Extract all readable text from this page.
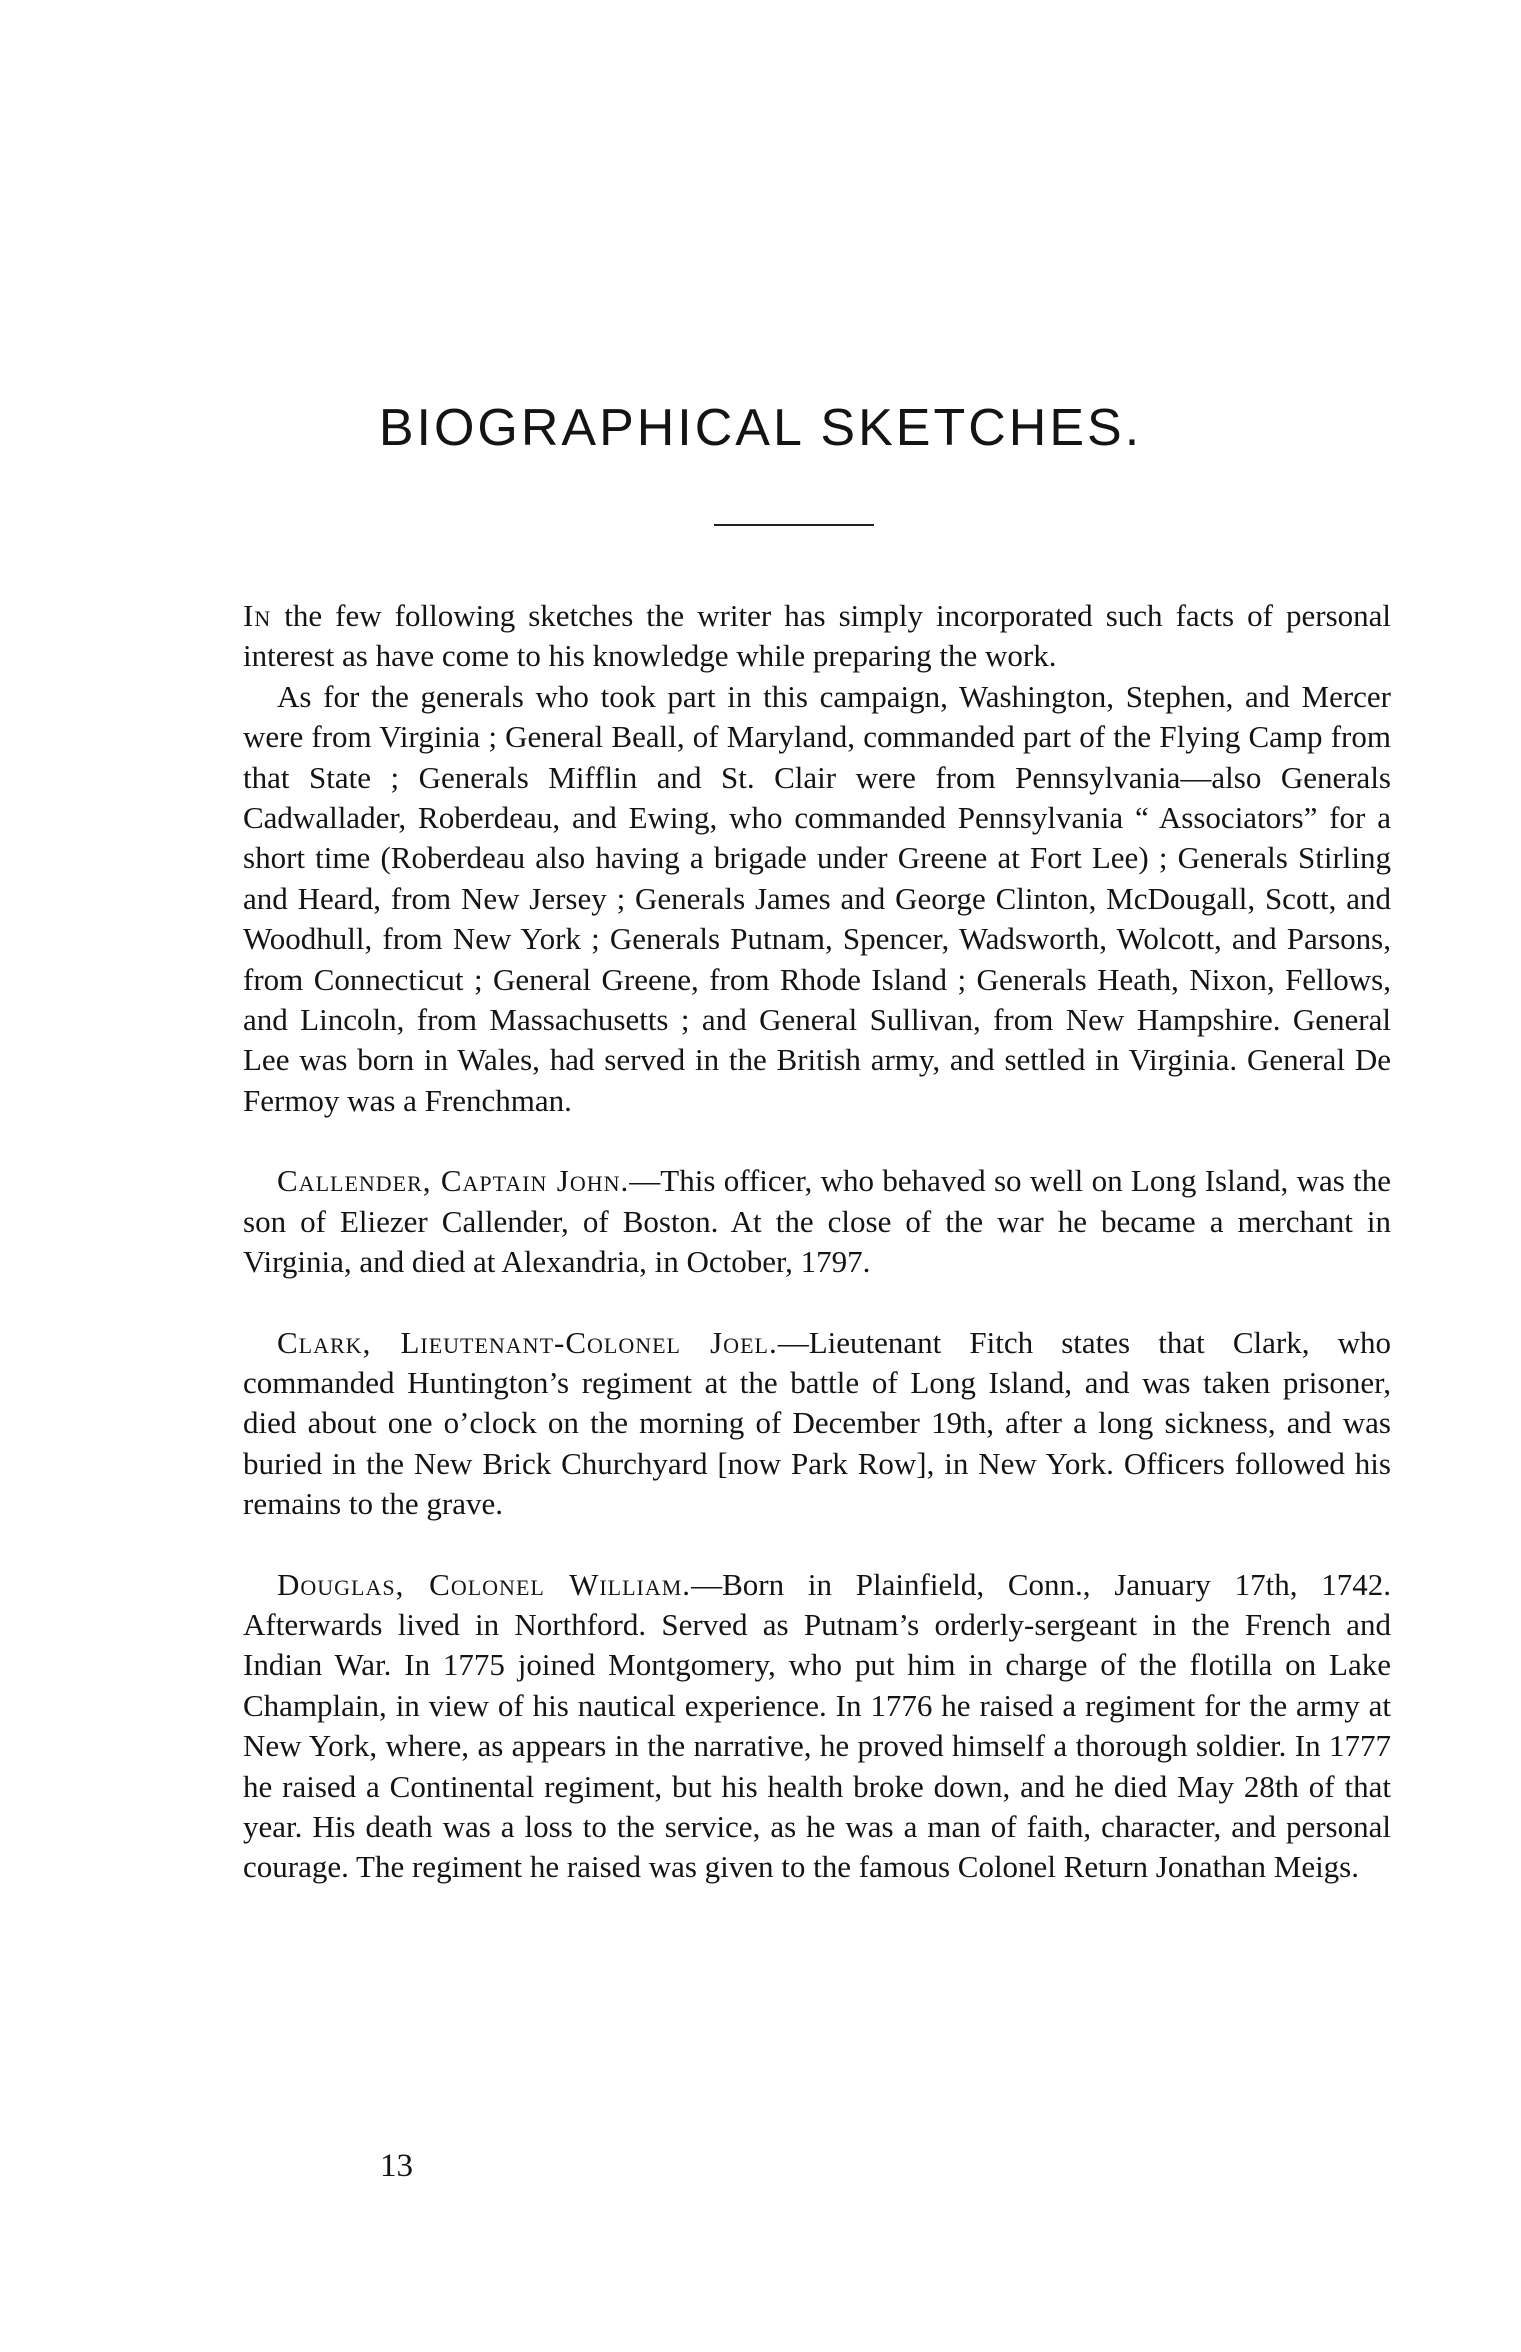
BIOGRAPHICAL SKETCHES.

In the few following sketches the writer has simply incorporated such facts of personal interest as have come to his knowledge while preparing the work.

As for the generals who took part in this campaign, Washington, Stephen, and Mercer were from Virginia ; General Beall, of Maryland, commanded part of the Flying Camp from that State ; Generals Mifflin and St. Clair were from Pennsylvania—also Generals Cadwallader, Roberdeau, and Ewing, who commanded Pennsylvania “ Associators” for a short time (Roberdeau also having a brigade under Greene at Fort Lee) ; Generals Stirling and Heard, from New Jersey ; Generals James and George Clinton, McDougall, Scott, and Woodhull, from New York ; Generals Putnam, Spencer, Wadsworth, Wolcott, and Parsons, from Connecticut ; General Greene, from Rhode Island ; Generals Heath, Nixon, Fellows, and Lincoln, from Massachusetts ; and General Sullivan, from New Hampshire. General Lee was born in Wales, had served in the British army, and settled in Virginia. General De Fermoy was a Frenchman.

Callender, Captain John.—This officer, who behaved so well on Long Island, was the son of Eliezer Callender, of Boston. At the close of the war he became a merchant in Virginia, and died at Alexandria, in October, 1797.

Clark, Lieutenant-Colonel Joel.—Lieutenant Fitch states that Clark, who commanded Huntington’s regiment at the battle of Long Island, and was taken prisoner, died about one o’clock on the morning of December 19th, after a long sickness, and was buried in the New Brick Churchyard [now Park Row], in New York. Officers followed his remains to the grave.

Douglas, Colonel William.—Born in Plainfield, Conn., January 17th, 1742. Afterwards lived in Northford. Served as Putnam’s orderly-sergeant in the French and Indian War. In 1775 joined Montgomery, who put him in charge of the flotilla on Lake Champlain, in view of his nautical experience. In 1776 he raised a regiment for the army at New York, where, as appears in the narrative, he proved himself a thorough soldier. In 1777 he raised a Continental regiment, but his health broke down, and he died May 28th of that year. His death was a loss to the service, as he was a man of faith, character, and personal courage. The regiment he raised was given to the famous Colonel Return Jonathan Meigs.

13
